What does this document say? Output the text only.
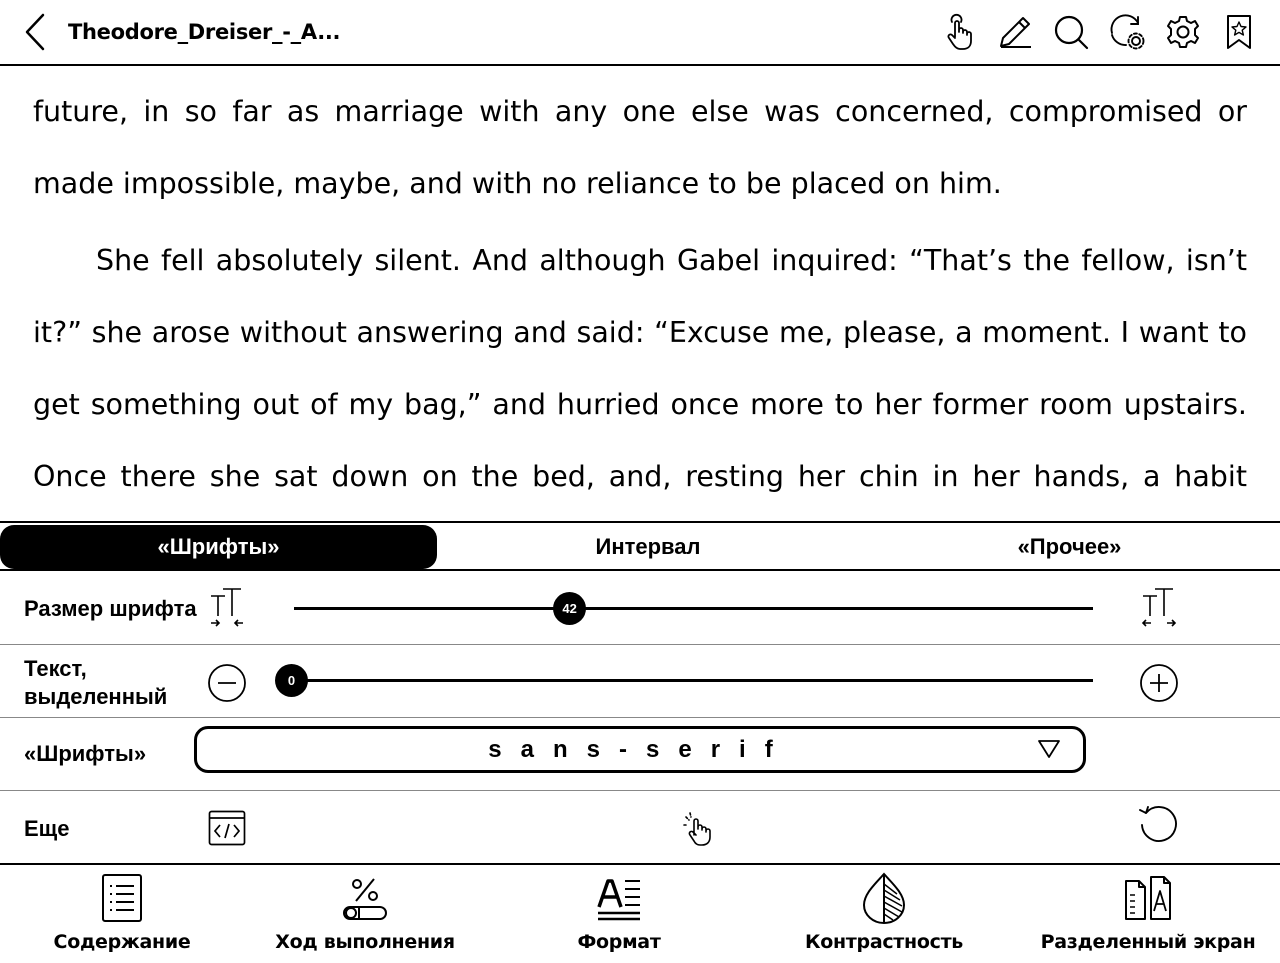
Theodore_Dreiser_-_A...

future, in so far as marriage with any one else was concerned, compromised or made impossible, maybe, and with no reliance to be placed on him.

She fell absolutely silent. And although Gabel inquired: “That’s the fellow, isn’t it?” she arose without answering and said: “Excuse me, please, a moment. I want to get something out of my bag,” and hurried once more to her former room upstairs. Once there she sat down on the bed, and, resting her chin in her hands, a habit

«Шрифты»	Интервал	«Прочее»
Размер шрифта	42
Текст,
выделенный
0
«Шрифты»	sans-serif
Еще
Содержание	Ход выполнения	Формат	Контрастность	Разделенный экран
